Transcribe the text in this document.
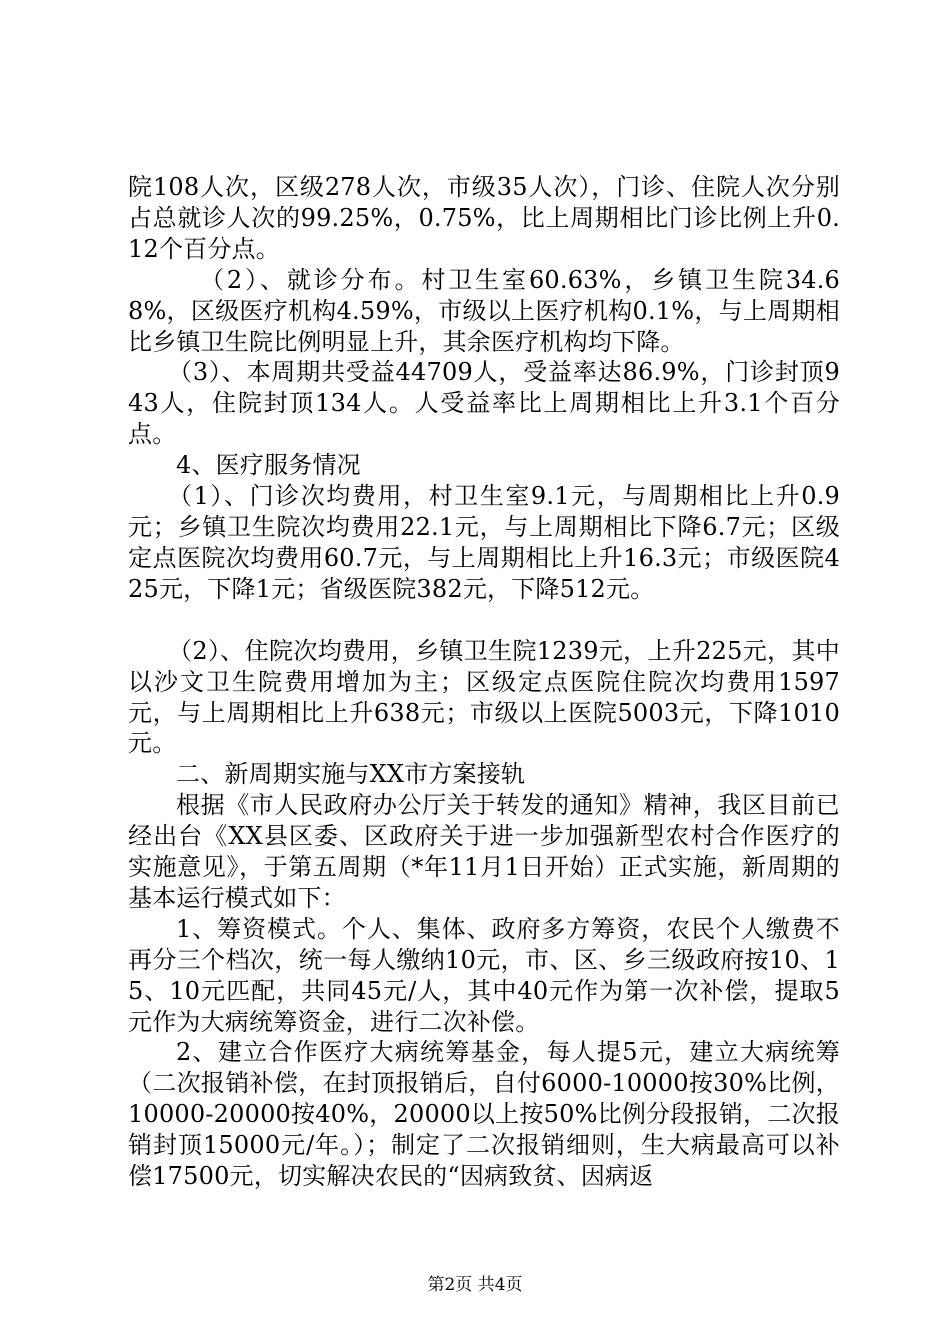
院108人次，区级278人次，市级35人次），门诊、住院人次分别占总就诊人次的99.25%，0.75%，比上周期相比门诊比例上升0.12个百分点。

（2）、就诊分布。村卫生室60.63%，乡镇卫生院34.68%，区级医疗机构4.59%，市级以上医疗机构0.1%，与上周期相比乡镇卫生院比例明显上升，其余医疗机构均下降。

（3）、本周期共受益44709人，受益率达86.9%，门诊封顶943人，住院封顶134人。人受益率比上周期相比上升3.1个百分点。

4、医疗服务情况

（1）、门诊次均费用，村卫生室9.1元，与周期相比上升0.9元；乡镇卫生院次均费用22.1元，与上周期相比下降6.7元；区级定点医院次均费用60.7元，与上周期相比上升16.3元；市级医院425元，下降1元；省级医院382元，下降512元。

（2）、住院次均费用，乡镇卫生院1239元，上升225元，其中以沙文卫生院费用增加为主；区级定点医院住院次均费用1597元，与上周期相比上升638元；市级以上医院5003元，下降1010元。

二、新周期实施与XX市方案接轨

根据《市人民政府办公厅关于转发的通知》精神，我区目前已经出台《XX县区委、区政府关于进一步加强新型农村合作医疗的实施意见》，于第五周期（*年11月1日开始）正式实施，新周期的基本运行模式如下：

1、筹资模式。个人、集体、政府多方筹资，农民个人缴费不再分三个档次，统一每人缴纳10元，市、区、乡三级政府按10、15、10元匹配，共同45元/人，其中40元作为第一次补偿，提取5元作为大病统筹资金，进行二次补偿。

2、建立合作医疗大病统筹基金，每人提5元，建立大病统筹（二次报销补偿，在封顶报销后，自付6000-10000按30%比例，10000-20000按40%，20000以上按50%比例分段报销，二次报销封顶15000元/年。）；制定了二次报销细则，生大病最高可以补偿17500元，切实解决农民的“因病致贫、因病返

第2页 共4页
